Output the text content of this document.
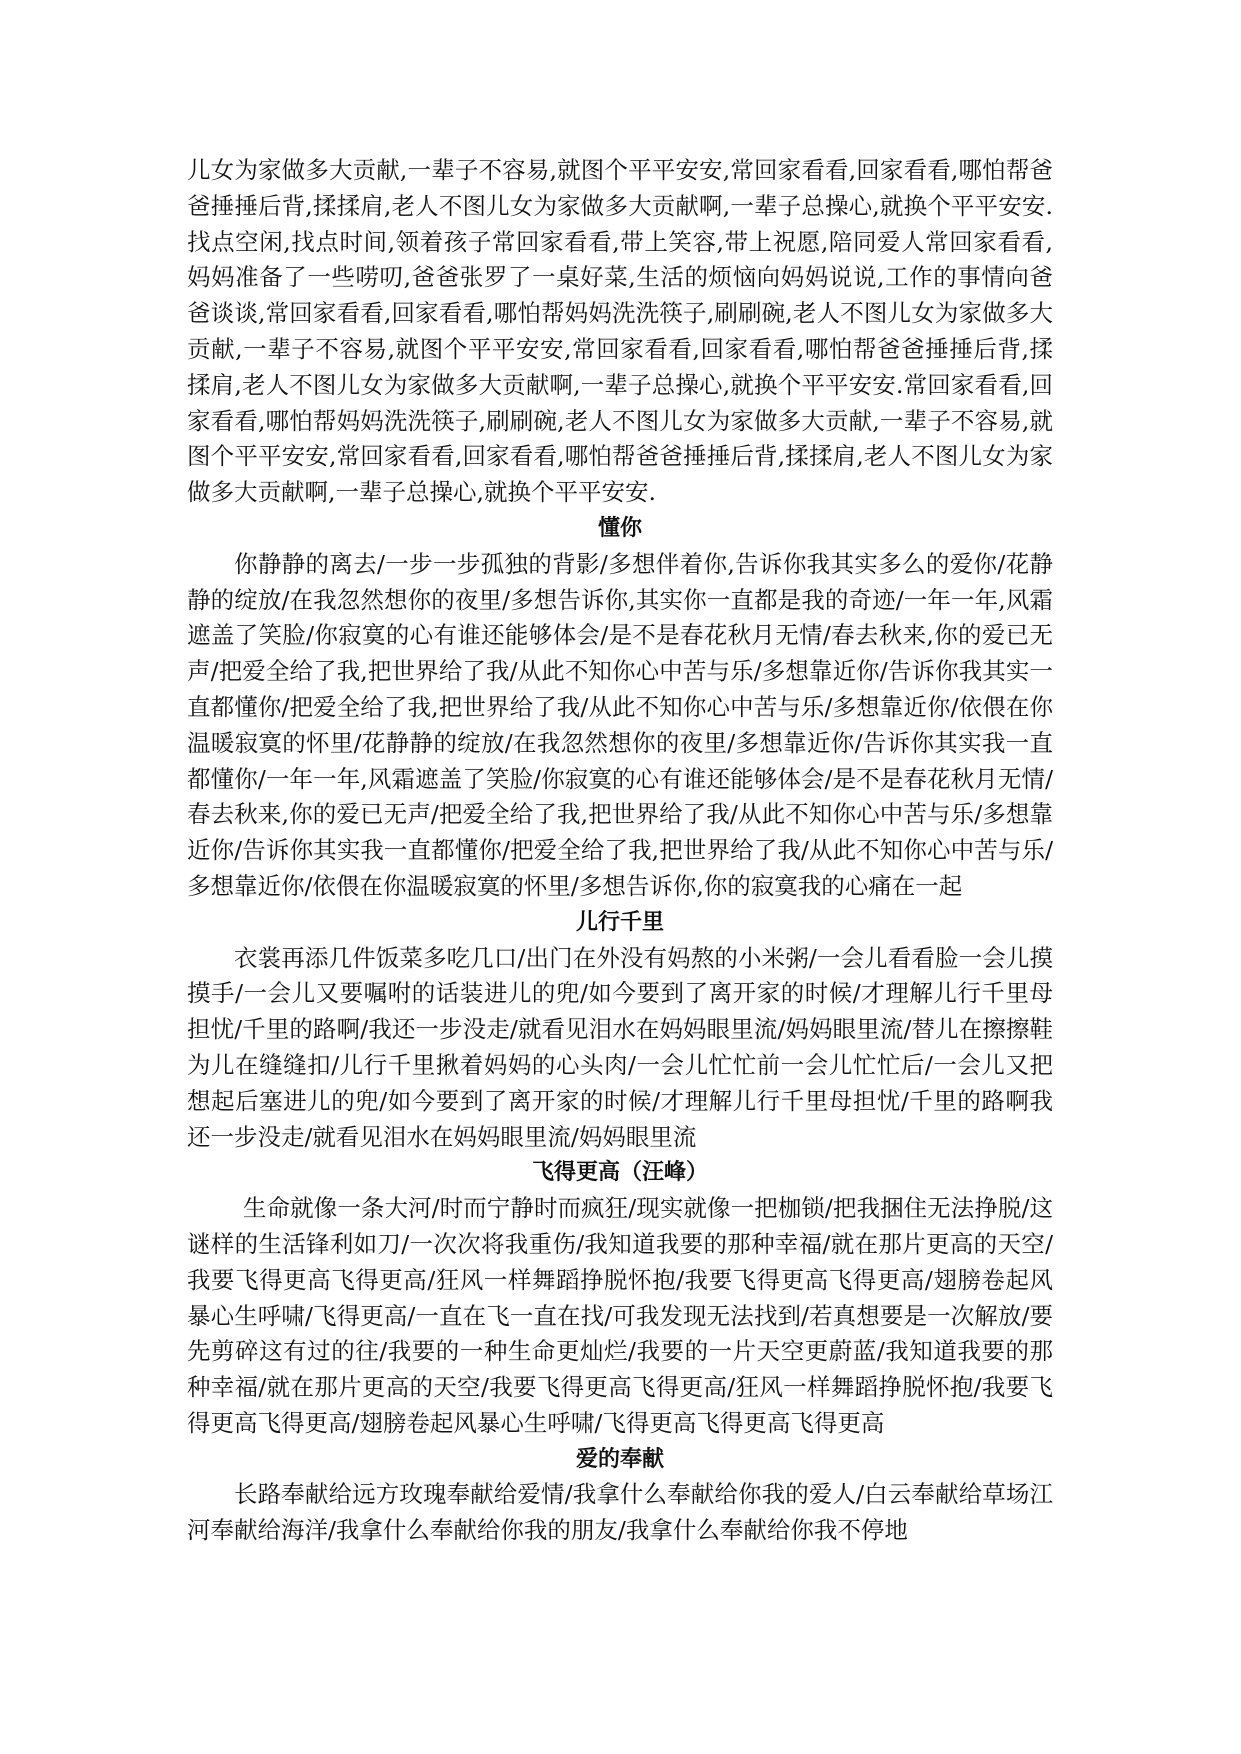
儿女为家做多大贡献,一辈子不容易,就图个平平安安,常回家看看,回家看看,哪怕帮爸爸捶捶后背,揉揉肩,老人不图儿女为家做多大贡献啊,一辈子总操心,就换个平平安安.找点空闲,找点时间,领着孩子常回家看看,带上笑容,带上祝愿,陪同爱人常回家看看,妈妈准备了一些唠叨,爸爸张罗了一桌好菜,生活的烦恼向妈妈说说,工作的事情向爸爸谈谈,常回家看看,回家看看,哪怕帮妈妈洗洗筷子,刷刷碗,老人不图儿女为家做多大贡献,一辈子不容易,就图个平平安安,常回家看看,回家看看,哪怕帮爸爸捶捶后背,揉揉肩,老人不图儿女为家做多大贡献啊,一辈子总操心,就换个平平安安.常回家看看,回家看看,哪怕帮妈妈洗洗筷子,刷刷碗,老人不图儿女为家做多大贡献,一辈子不容易,就图个平平安安,常回家看看,回家看看,哪怕帮爸爸捶捶后背,揉揉肩,老人不图儿女为家做多大贡献啊,一辈子总操心,就换个平平安安.

懂你

你静静的离去/一步一步孤独的背影/多想伴着你,告诉你我其实多么的爱你/花静静的绽放/在我忽然想你的夜里/多想告诉你,其实你一直都是我的奇迹/一年一年,风霜遮盖了笑脸/你寂寞的心有谁还能够体会/是不是春花秋月无情/春去秋来,你的爱已无声/把爱全给了我,把世界给了我/从此不知你心中苦与乐/多想靠近你/告诉你我其实一直都懂你/把爱全给了我,把世界给了我/从此不知你心中苦与乐/多想靠近你/依偎在你温暖寂寞的怀里/花静静的绽放/在我忽然想你的夜里/多想靠近你/告诉你其实我一直都懂你/一年一年,风霜遮盖了笑脸/你寂寞的心有谁还能够体会/是不是春花秋月无情/春去秋来,你的爱已无声/把爱全给了我,把世界给了我/从此不知你心中苦与乐/多想靠近你/告诉你其实我一直都懂你/把爱全给了我,把世界给了我/从此不知你心中苦与乐/多想靠近你/依偎在你温暖寂寞的怀里/多想告诉你,你的寂寞我的心痛在一起

儿行千里

衣裳再添几件饭菜多吃几口/出门在外没有妈熬的小米粥/一会儿看看脸一会儿摸摸手/一会儿又要嘱咐的话装进儿的兜/如今要到了离开家的时候/才理解儿行千里母担忧/千里的路啊/我还一步没走/就看见泪水在妈妈眼里流/妈妈眼里流/替儿在擦擦鞋为儿在缝缝扣/儿行千里揪着妈妈的心头肉/一会儿忙忙前一会儿忙忙后/一会儿又把想起后塞进儿的兜/如今要到了离开家的时候/才理解儿行千里母担忧/千里的路啊我还一步没走/就看见泪水在妈妈眼里流/妈妈眼里流

飞得更高（汪峰）

生命就像一条大河/时而宁静时而疯狂/现实就像一把枷锁/把我捆住无法挣脱/这谜样的生活锋利如刀/一次次将我重伤/我知道我要的那种幸福/就在那片更高的天空/我要飞得更高飞得更高/狂风一样舞蹈挣脱怀抱/我要飞得更高飞得更高/翅膀卷起风暴心生呼啸/飞得更高/一直在飞一直在找/可我发现无法找到/若真想要是一次解放/要先剪碎这有过的往/我要的一种生命更灿烂/我要的一片天空更蔚蓝/我知道我要的那种幸福/就在那片更高的天空/我要飞得更高飞得更高/狂风一样舞蹈挣脱怀抱/我要飞得更高飞得更高/翅膀卷起风暴心生呼啸/飞得更高飞得更高飞得更高

爱的奉献

长路奉献给远方玫瑰奉献给爱情/我拿什么奉献给你我的爱人/白云奉献给草场江河奉献给海洋/我拿什么奉献给你我的朋友/我拿什么奉献给你我不停地
